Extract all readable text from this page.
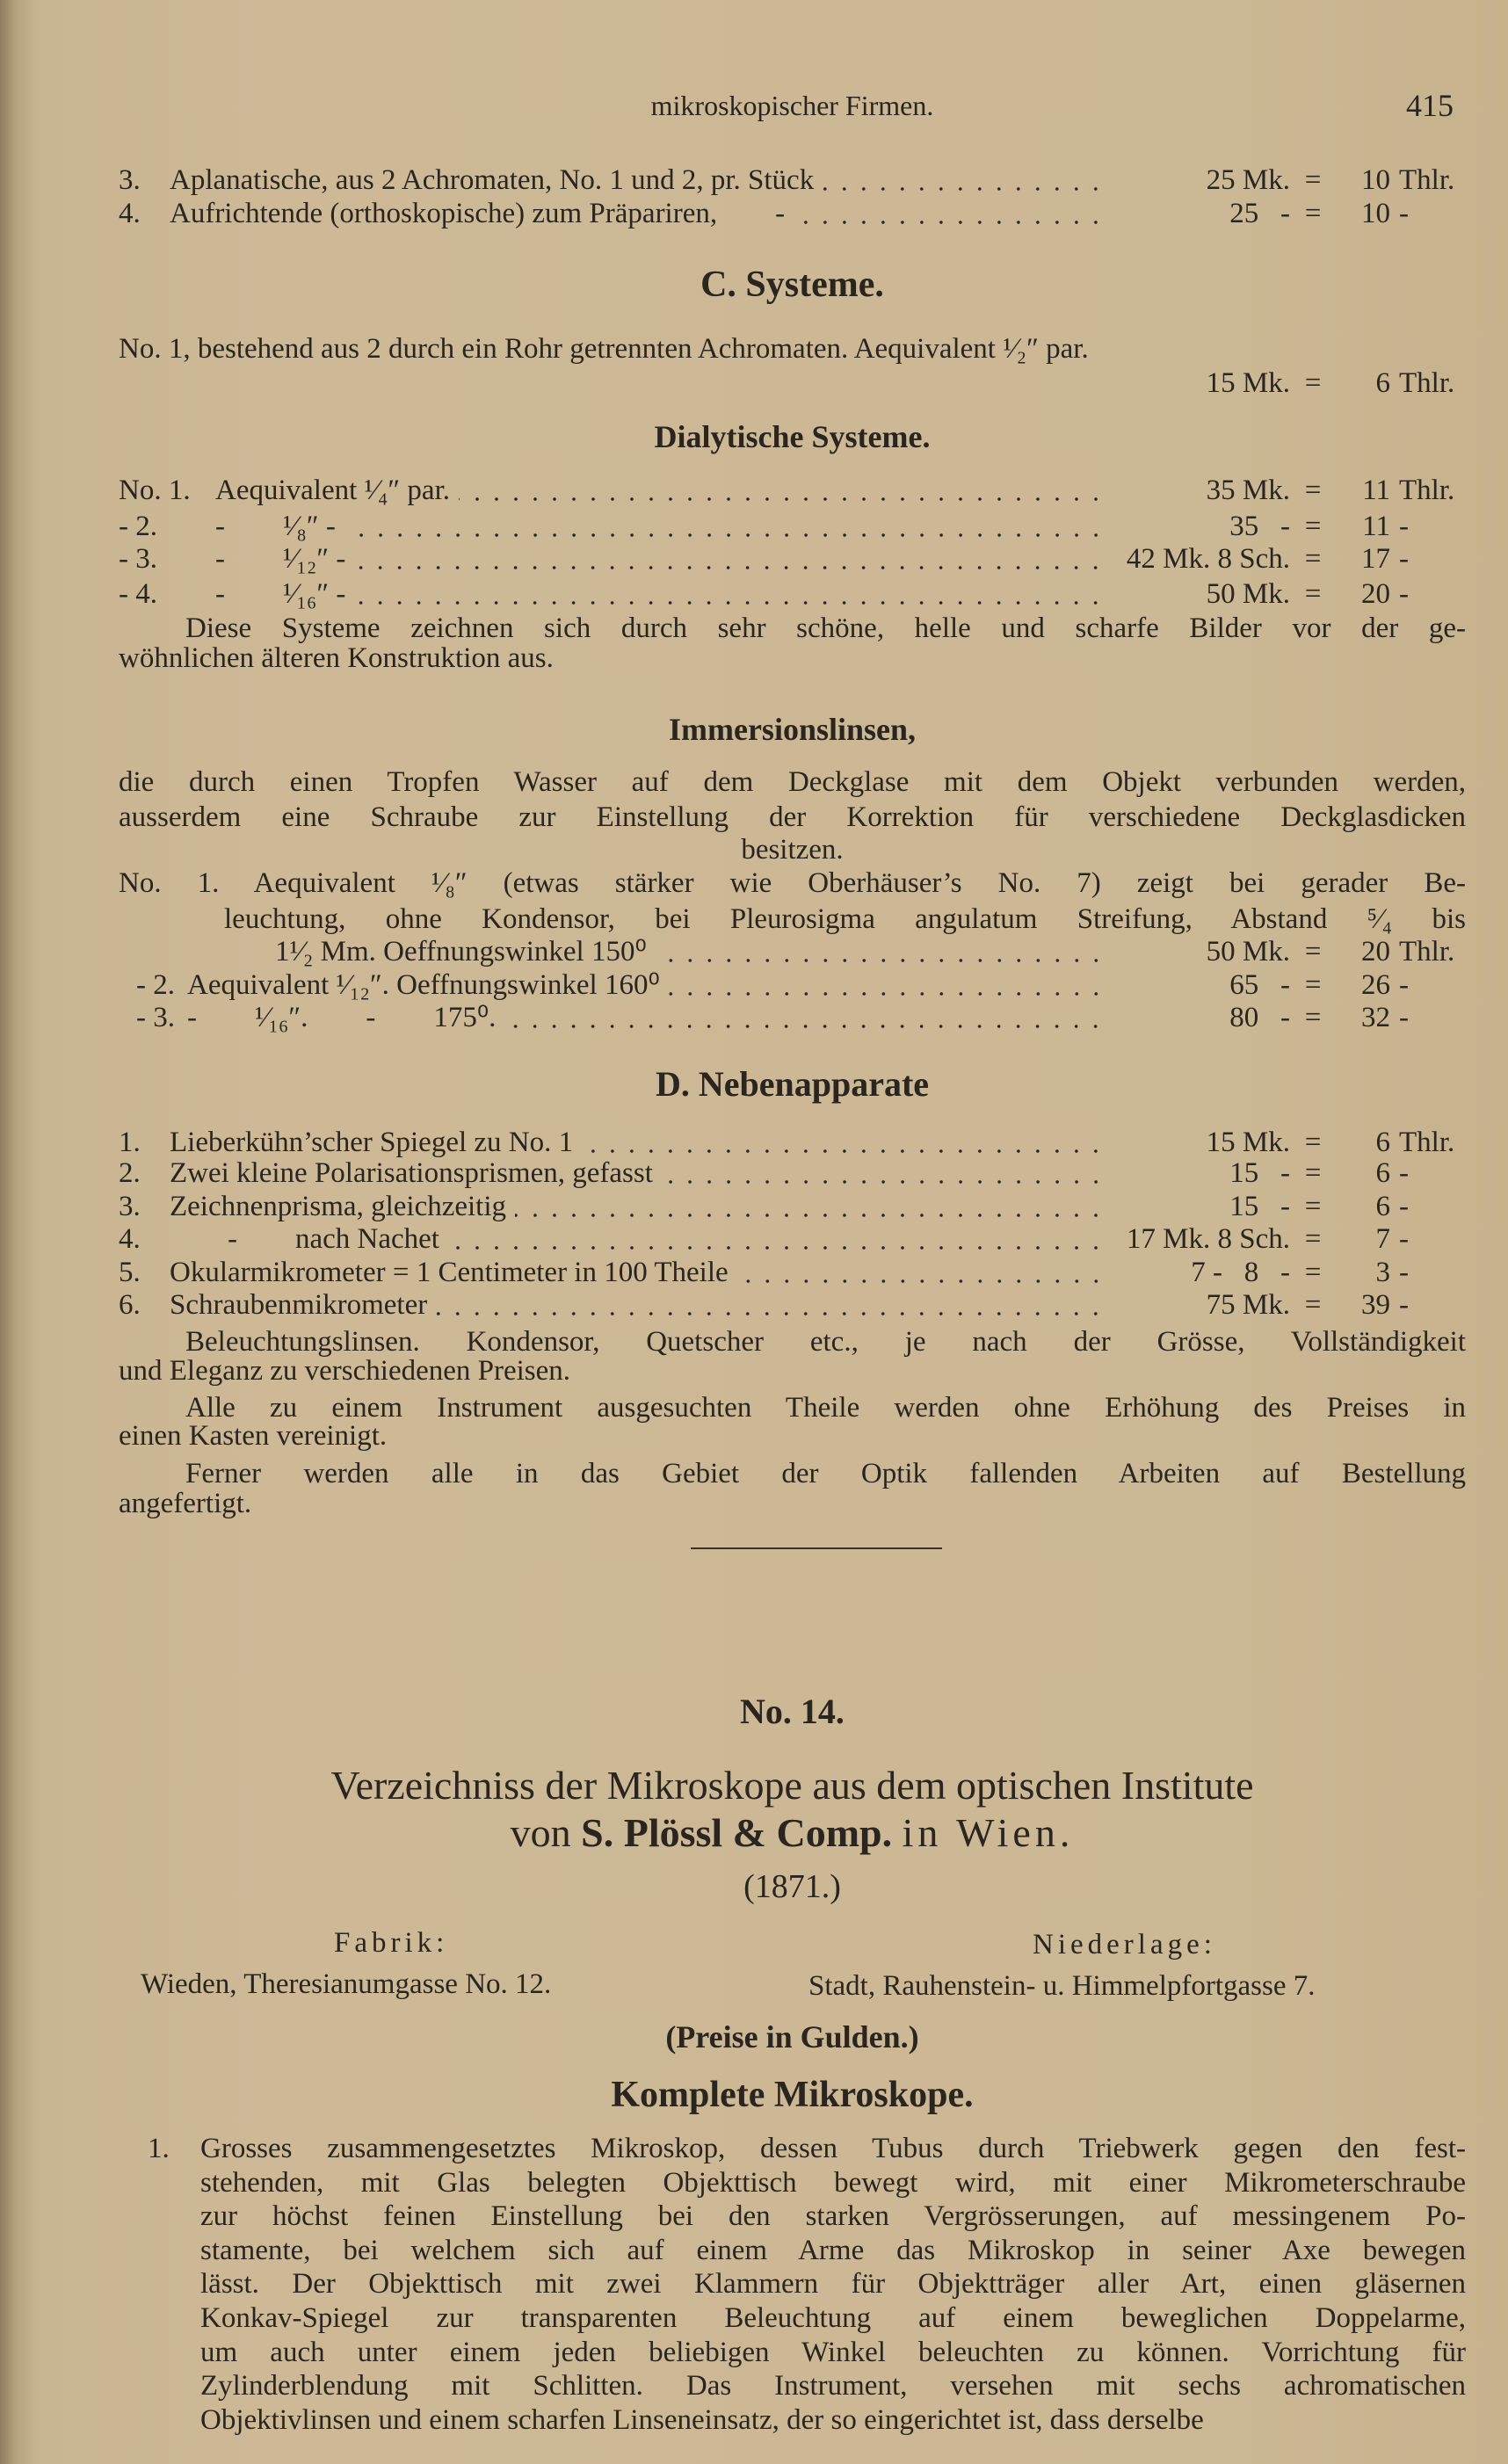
mikroskopischer Firmen.	415
3.	Aplanatische, aus 2 Achromaten, No. 1 und 2, pr. Stück	25 Mk. =	10 Thlr.
4.	Aufrichtende (orthoskopische) zum Präpariren,        -	25   - =	10 -
C. Systeme.
No. 1, bestehend aus 2 durch ein Rohr getrennten Achromaten. Aequivalent ¹⁄₂″ par.
15 Mk. =	6 Thlr.
Dialytische Systeme.
No. 1. Aequivalent ¹⁄₄″ par.	35 Mk. =	11 Thlr.
- 2.	-        ¹⁄₈″ -	35   - =	11 -
- 3.	-        ¹⁄₁₂″ -	42 Mk. 8 Sch. =	17 -
- 4.	-        ¹⁄₁₆″ -	50 Mk. =	20 -
Diese Systeme zeichnen sich durch sehr schöne, helle und scharfe Bilder vor der ge-
wöhnlichen älteren Konstruktion aus.
Immersionslinsen,
die durch einen Tropfen Wasser auf dem Deckglase mit dem Objekt verbunden werden,
ausserdem eine Schraube zur Einstellung der Korrektion für verschiedene Deckglasdicken
besitzen.
No. 1. Aequivalent ¹⁄₈″ (etwas stärker wie Oberhäuser’s No. 7) zeigt bei gerader Be-
leuchtung, ohne Kondensor, bei Pleurosigma angulatum Streifung, Abstand ⁵⁄₄ bis
1¹⁄₂ Mm. Oeffnungswinkel 150⁰	50 Mk. =	20 Thlr.
- 2. Aequivalent ¹⁄₁₂″. Oeffnungswinkel 160⁰	65   - =	26 -
- 3. -        ¹⁄₁₆″.        -        175⁰.	80   - =	32 -
D. Nebenapparate
1.	Lieberkühn’scher Spiegel zu No. 1	15 Mk. =	6 Thlr.
2.	Zwei kleine Polarisationsprismen, gefasst	15   - =	6 -
3.	Zeichnenprisma, gleichzeitig	15   - =	6 -
4.	-        nach Nachet	17 Mk. 8 Sch. =	7 -
5.	Okularmikrometer = 1 Centimeter in 100 Theile	7 -   8   - =	3 -
6.	Schraubenmikrometer	75 Mk. =	39 -
Beleuchtungslinsen. Kondensor, Quetscher etc., je nach der Grösse, Vollständigkeit
und Eleganz zu verschiedenen Preisen.
Alle zu einem Instrument ausgesuchten Theile werden ohne Erhöhung des Preises in
einen Kasten vereinigt.
Ferner werden alle in das Gebiet der Optik fallenden Arbeiten auf Bestellung
angefertigt.
No. 14.
Verzeichniss der Mikroskope aus dem optischen Institute
von S. Plössl & Comp. in Wien.
(1871.)
Fabrik:
Wieden, Theresianumgasse No. 12.
Niederlage:
Stadt, Rauhenstein- u. Himmelpfortgasse 7.
(Preise in Gulden.)
Komplete Mikroskope.
1.	Grosses zusammengesetztes Mikroskop, dessen Tubus durch Triebwerk gegen den fest-
stehenden, mit Glas belegten Objekttisch bewegt wird, mit einer Mikrometerschraube
zur höchst feinen Einstellung bei den starken Vergrösserungen, auf messingenem Po-
stamente, bei welchem sich auf einem Arme das Mikroskop in seiner Axe bewegen
lässt. Der Objekttisch mit zwei Klammern für Objektträger aller Art, einen gläsernen
Konkav-Spiegel zur transparenten Beleuchtung auf einem beweglichen Doppelarme,
um auch unter einem jeden beliebigen Winkel beleuchten zu können. Vorrichtung für
Zylinderblendung mit Schlitten. Das Instrument, versehen mit sechs achromatischen
Objektivlinsen und einem scharfen Linseneinsatz, der so eingerichtet ist, dass derselbe
